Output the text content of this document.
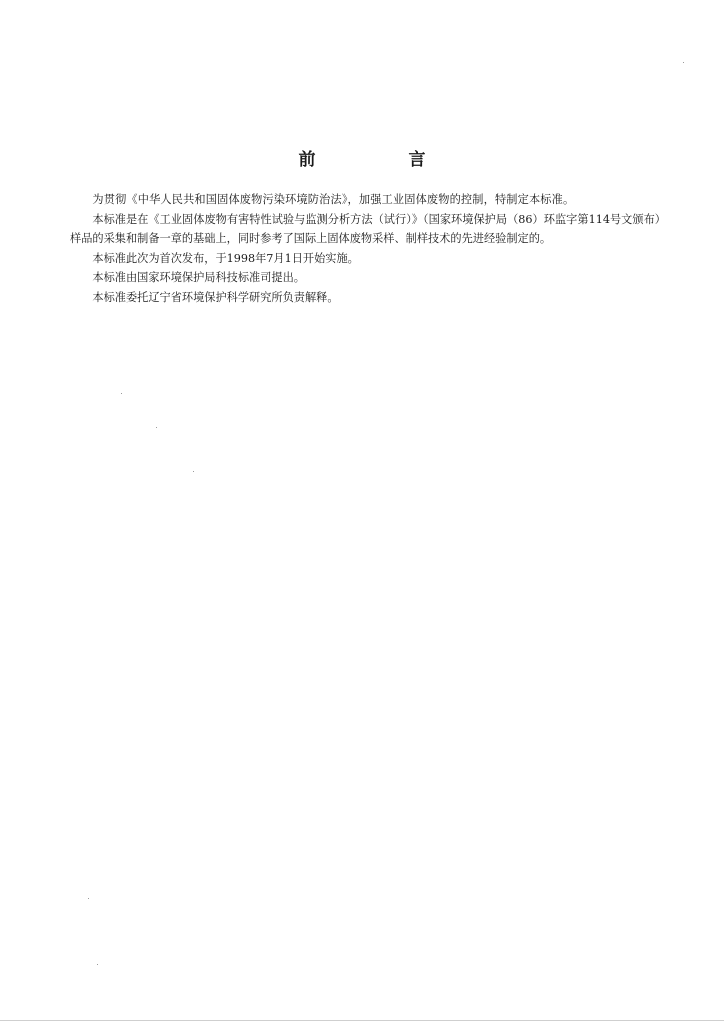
前　言

为贯彻《中华人民共和国固体废物污染环境防治法》，加强工业固体废物的控制，特制定本标准。

本标准是在《工业固体废物有害特性试验与监测分析方法（试行）》（国家环境保护局（86）环监字第114号文颁布）样品的采集和制备一章的基础上，同时参考了国际上固体废物采样、制样技术的先进经验制定的。

本标准此次为首次发布，于1998年7月1日开始实施。

本标准由国家环境保护局科技标准司提出。

本标准委托辽宁省环境保护科学研究所负责解释。
